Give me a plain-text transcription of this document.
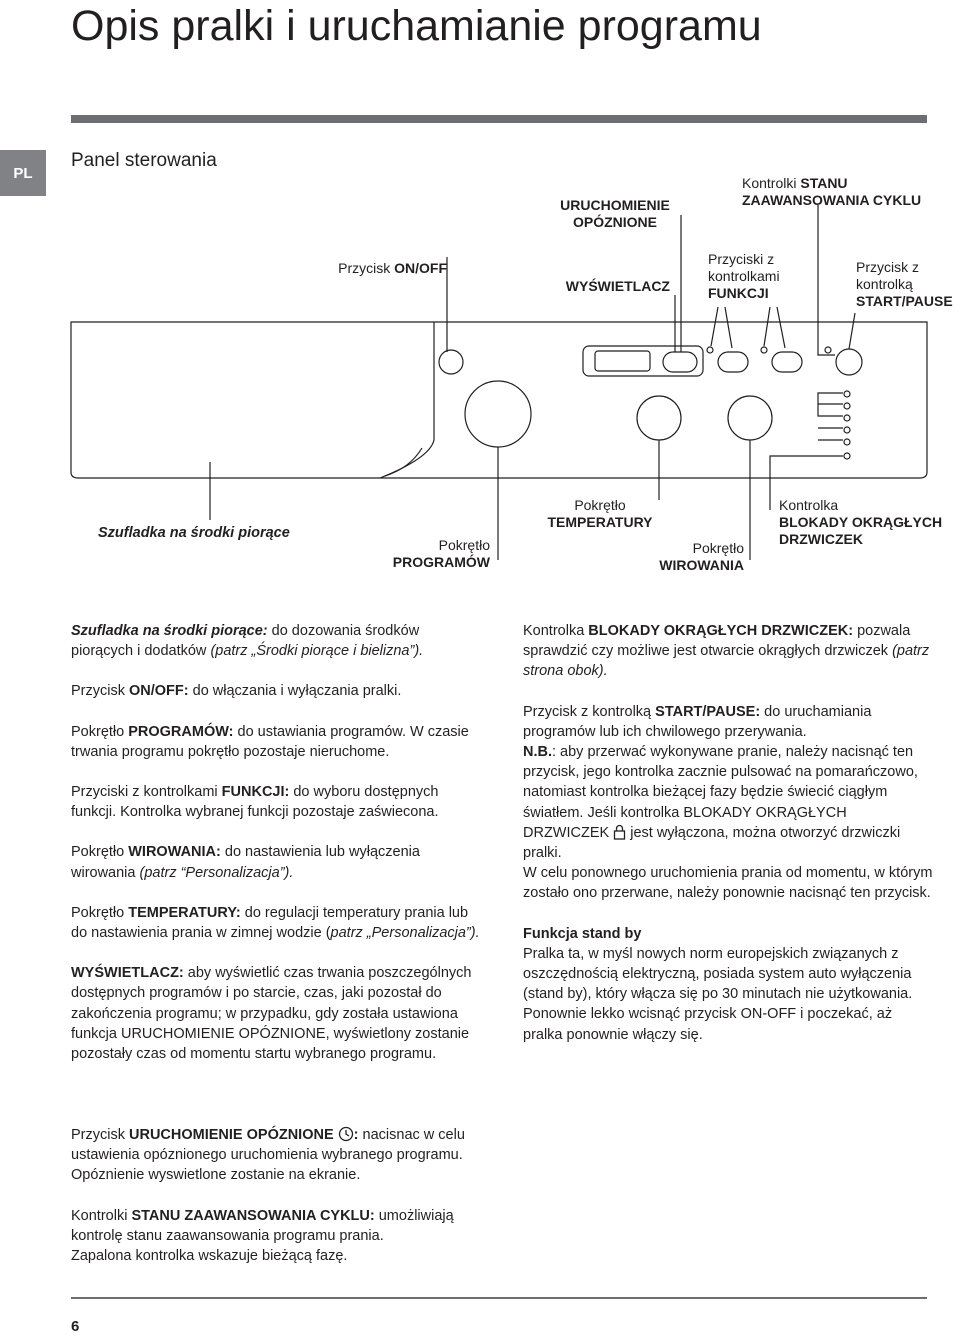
Opis pralki i uruchamianie programu
PL
Panel sterowania
URUCHOMIENIE
OPÓZNIONE
Kontrolki STANU
ZAAWANSOWANIA CYKLU
Przycisk ON/OFF
WYŚWIETLACZ
Przyciski z
kontrolkami
FUNKCJI
Przycisk z
kontrolką
START/PAUSE
Szufladka na środki piorące
Pokrętło
PROGRAMÓW
Pokrętło
TEMPERATURY
Pokrętło
WIROWANIA
Kontrolka
BLOKADY OKRĄGŁYCH
DRZWICZEK

Szufladka na środki piorące: do dozowania środków piorących i dodatków (patrz „Środki piorące i bielizna”).

Przycisk ON/OFF: do włączania i wyłączania pralki.

Pokrętło PROGRAMÓW: do ustawiania programów. W czasie trwania programu pokrętło pozostaje nieruchome.

Przyciski z kontrolkami FUNKCJI: do wyboru dostępnych funkcji. Kontrolka wybranej funkcji pozostaje zaświecona.

Pokrętło WIROWANIA: do nastawienia lub wyłączenia wirowania (patrz “Personalizacja”).

Pokrętło TEMPERATURY: do regulacji temperatury prania lub do nastawienia prania w zimnej wodzie (patrz „Personalizacja”).

WYŚWIETLACZ: aby wyświetlić czas trwania poszczególnych dostępnych programów i po starcie, czas, jaki pozostał do zakończenia programu; w przypadku, gdy została ustawiona funkcja URUCHOMIENIE OPÓZNIONE, wyświetlony zostanie pozostały czas od momentu startu wybranego programu.

Przycisk URUCHOMIENIE OPÓZNIONE : nacisnac w celu ustawienia opóznionego uruchomienia wybranego programu. Opóznienie wyswietlone zostanie na ekranie.

Kontrolki STANU ZAAWANSOWANIA CYKLU: umożliwiają kontrolę stanu zaawansowania programu prania.
Zapalona kontrolka wskazuje bieżącą fazę.

Kontrolka BLOKADY OKRĄGŁYCH DRZWICZEK: pozwala sprawdzić czy możliwe jest otwarcie okrągłych drzwiczek (patrz strona obok).

Przycisk z kontrolką START/PAUSE: do uruchamiania programów lub ich chwilowego przerywania.
N.B.: aby przerwać wykonywane pranie, należy nacisnąć ten przycisk, jego kontrolka zacznie pulsować na pomarańczowo, natomiast kontrolka bieżącej fazy będzie świecić ciągłym światłem. Jeśli kontrolka BLOKADY OKRĄGŁYCH DRZWICZEK  jest wyłączona, można otworzyć drzwiczki pralki.
W celu ponownego uruchomienia prania od momentu, w którym zostało ono przerwane, należy ponownie nacisnąć ten przycisk.

Funkcja stand by
Pralka ta, w myśl nowych norm europejskich związanych z oszczędnością elektryczną, posiada system auto wyłączenia (stand by), który włącza się po 30 minutach nie użytkowania. Ponownie lekko wcisnąć przycisk ON-OFF i poczekać, aż pralka ponownie włączy się.

6
